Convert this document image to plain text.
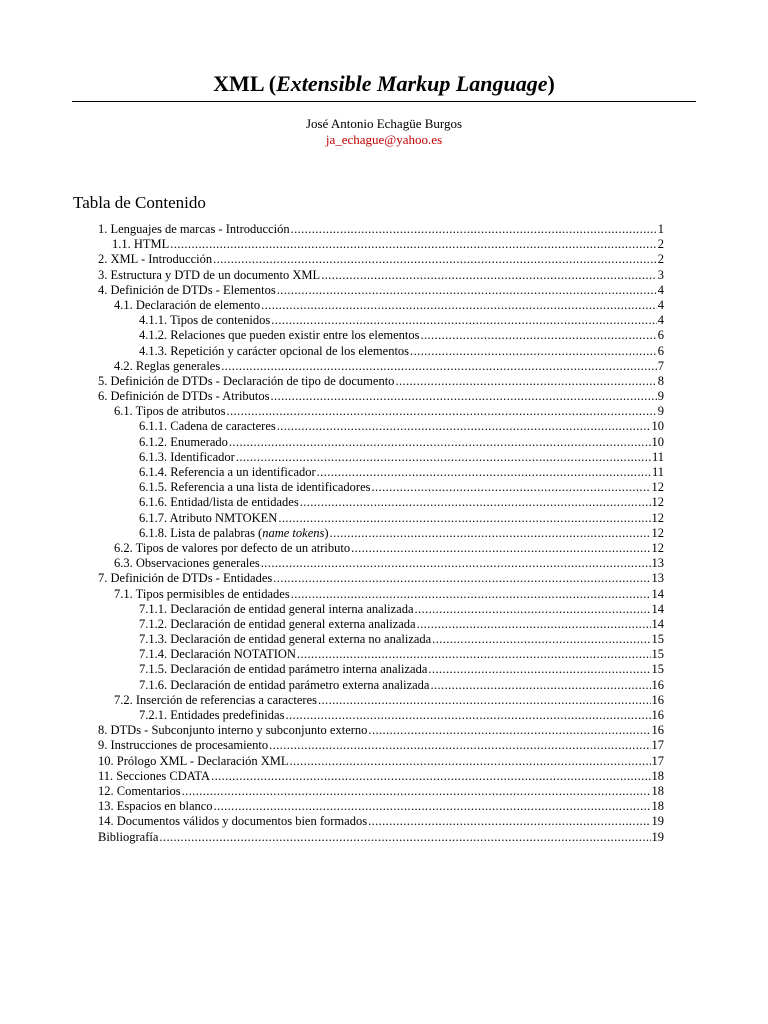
XML (Extensible Markup Language)
José Antonio Echagüe Burgos
ja_echague@yahoo.es
Tabla de Contenido
1. Lenguajes de marcas - Introducción .....	1
1.1. HTML .....	2
2. XML - Introducción .....	2
3. Estructura y DTD de un documento XML .....	3
4. Definición de DTDs - Elementos .....	4
4.1. Declaración de elemento .....	4
4.1.1. Tipos de contenidos .....	4
4.1.2. Relaciones que pueden existir entre los elementos .....	6
4.1.3. Repetición y carácter opcional de los elementos .....	6
4.2. Reglas generales .....	7
5. Definición de DTDs - Declaración de tipo de documento .....	8
6. Definición de DTDs - Atributos .....	9
6.1. Tipos de atributos .....	9
6.1.1. Cadena de caracteres .....	10
6.1.2. Enumerado .....	10
6.1.3. Identificador .....	11
6.1.4. Referencia a un identificador .....	11
6.1.5. Referencia a una lista de identificadores .....	12
6.1.6. Entidad/lista de entidades .....	12
6.1.7. Atributo NMTOKEN .....	12
6.1.8. Lista de palabras (name tokens) .....	12
6.2. Tipos de valores por defecto de un atributo .....	12
6.3. Observaciones generales .....	13
7. Definición de DTDs - Entidades .....	13
7.1. Tipos permisibles de entidades .....	14
7.1.1. Declaración de entidad general interna analizada .....	14
7.1.2. Declaración de entidad general externa analizada .....	14
7.1.3. Declaración de entidad general externa no analizada .....	15
7.1.4. Declaración NOTATION .....	15
7.1.5. Declaración de entidad parámetro interna analizada .....	15
7.1.6. Declaración de entidad parámetro externa analizada .....	16
7.2. Inserción de referencias a caracteres .....	16
7.2.1. Entidades predefinidas .....	16
8. DTDs - Subconjunto interno y subconjunto externo .....	16
9. Instrucciones de procesamiento .....	17
10. Prólogo XML - Declaración XML .....	17
11. Secciones CDATA .....	18
12. Comentarios .....	18
13. Espacios en blanco .....	18
14. Documentos válidos y documentos bien formados .....	19
Bibliografía .....	19
